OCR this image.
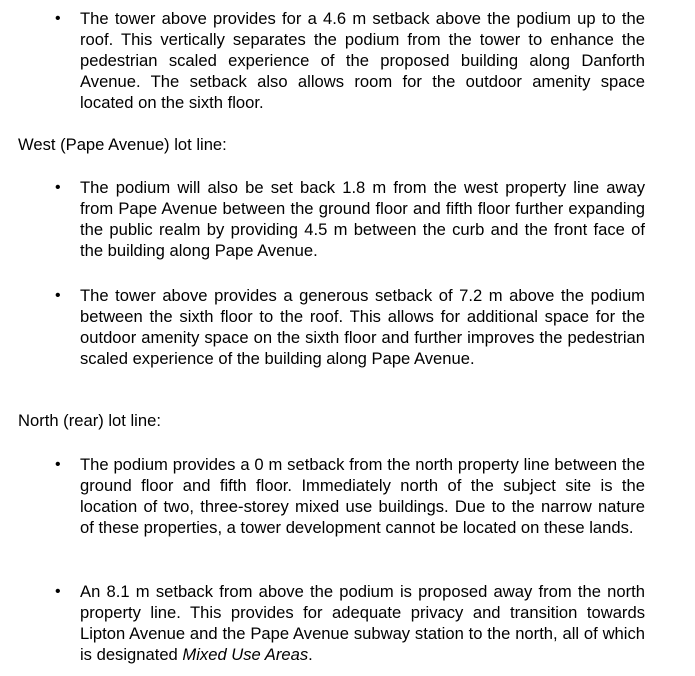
• The tower above provides for a 4.6 m setback above the podium up to the roof. This vertically separates the podium from the tower to enhance the pedestrian scaled experience of the proposed building along Danforth Avenue. The setback also allows room for the outdoor amenity space located on the sixth floor.
West (Pape Avenue) lot line:
• The podium will also be set back 1.8 m from the west property line away from Pape Avenue between the ground floor and fifth floor further expanding the public realm by providing 4.5 m between the curb and the front face of the building along Pape Avenue.
• The tower above provides a generous setback of 7.2 m above the podium between the sixth floor to the roof. This allows for additional space for the outdoor amenity space on the sixth floor and further improves the pedestrian scaled experience of the building along Pape Avenue.
North (rear) lot line:
• The podium provides a 0 m setback from the north property line between the ground floor and fifth floor. Immediately north of the subject site is the location of two, three-storey mixed use buildings. Due to the narrow nature of these properties, a tower development cannot be located on these lands.
• An 8.1 m setback from above the podium is proposed away from the north property line. This provides for adequate privacy and transition towards Lipton Avenue and the Pape Avenue subway station to the north, all of which is designated Mixed Use Areas.
